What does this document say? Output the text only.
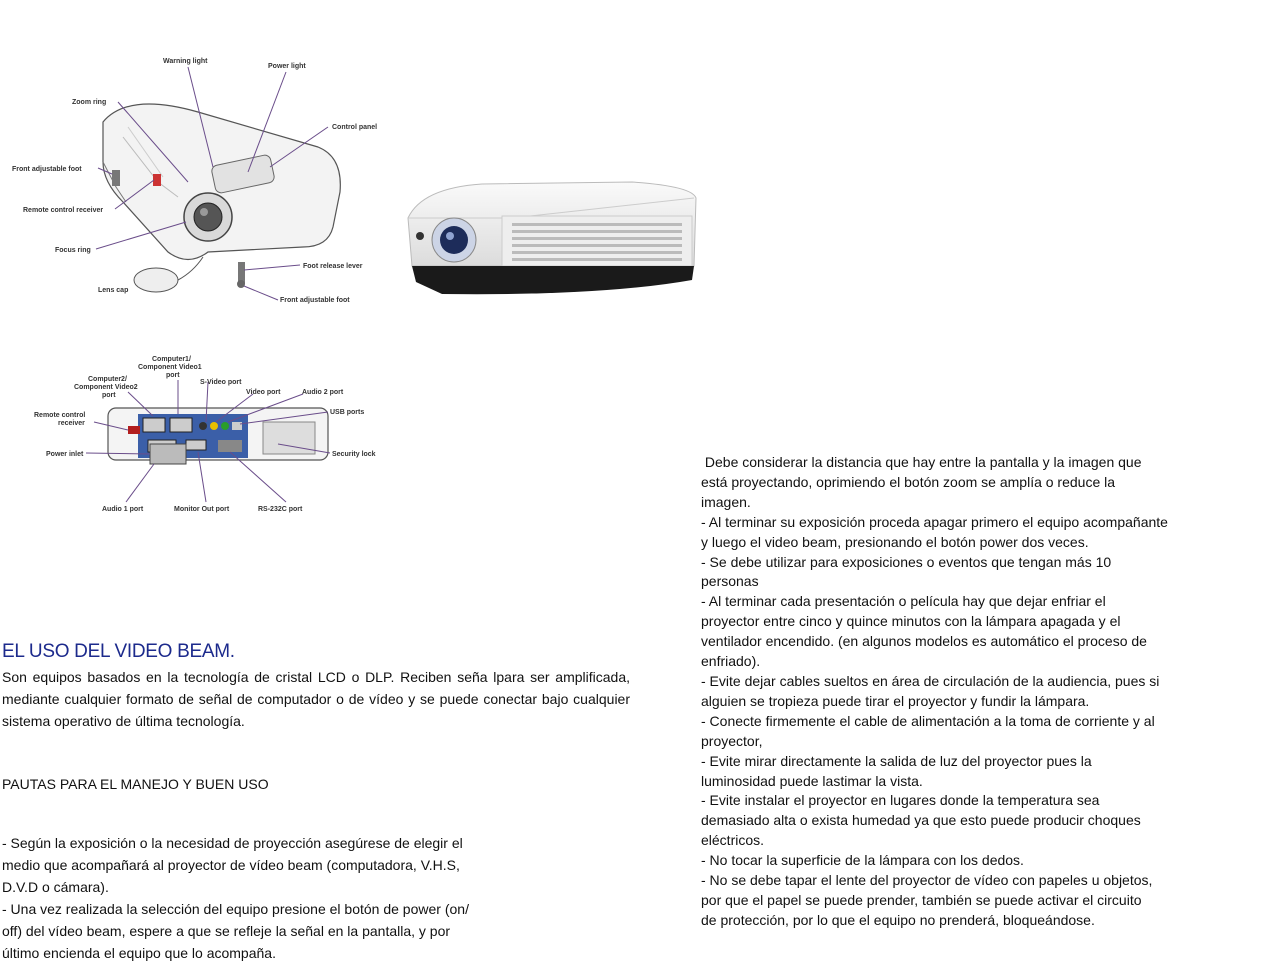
Warning light
Power light
Zoom ring
Control panel
Front adjustable foot
Remote control receiver
Focus ring
Foot release lever
Lens cap
Front adjustable foot
Computer1/
Component Video1
port
Computer2/
Component Video2
port
S-Video port
Video port	Audio 2 port
USB ports
Remote control
receiver
Power inlet	Security lock
Audio 1 port	Monitor Out port	RS-232C port
EL USO DEL VIDEO BEAM.
Son equipos basados en la tecnología de cristal LCD o DLP. Reciben seña lpara ser amplificada, mediante cualquier formato de señal de computador o de vídeo y se puede conectar bajo cualquier sistema operativo de última tecnología.
PAUTAS PARA EL MANEJO Y BUEN USO
- Según la exposición o la necesidad de proyección asegúrese de elegir el
medio que acompañará al proyector de vídeo beam (computadora, V.H.S,
D.V.D o cámara).
- Una vez realizada la selección del equipo presione el botón de power (on/
off) del vídeo beam, espere a que se refleje la señal en la pantalla, y por
último encienda el equipo que lo acompaña.
Debe considerar la distancia que hay entre la pantalla y la imagen que
está proyectando, oprimiendo el botón zoom se amplía o reduce la
imagen.
- Al terminar su exposición proceda apagar primero el equipo acompañante
y luego el video beam, presionando el botón power dos veces.
- Se debe utilizar para exposiciones o eventos que tengan más 10
personas
- Al terminar cada presentación o película hay que dejar enfriar el
proyector entre cinco y quince minutos con la lámpara apagada y el
ventilador encendido. (en algunos modelos es automático el proceso de
enfriado).
- Evite dejar cables sueltos en área de circulación de la audiencia, pues si
alguien se tropieza puede tirar el proyector y fundir la lámpara.
- Conecte firmemente el cable de alimentación a la toma de corriente y al
proyector,
- Evite mirar directamente la salida de luz del proyector pues la
luminosidad puede lastimar la vista.
- Evite instalar el proyector en lugares donde la temperatura sea
demasiado alta o exista humedad ya que esto puede producir choques
eléctricos.
- No tocar la superficie de la lámpara con los dedos.
- No se debe tapar el lente del proyector de vídeo con papeles u objetos,
por que el papel se puede prender, también se puede activar el circuito
de protección, por lo que el equipo no prenderá, bloqueándose.
